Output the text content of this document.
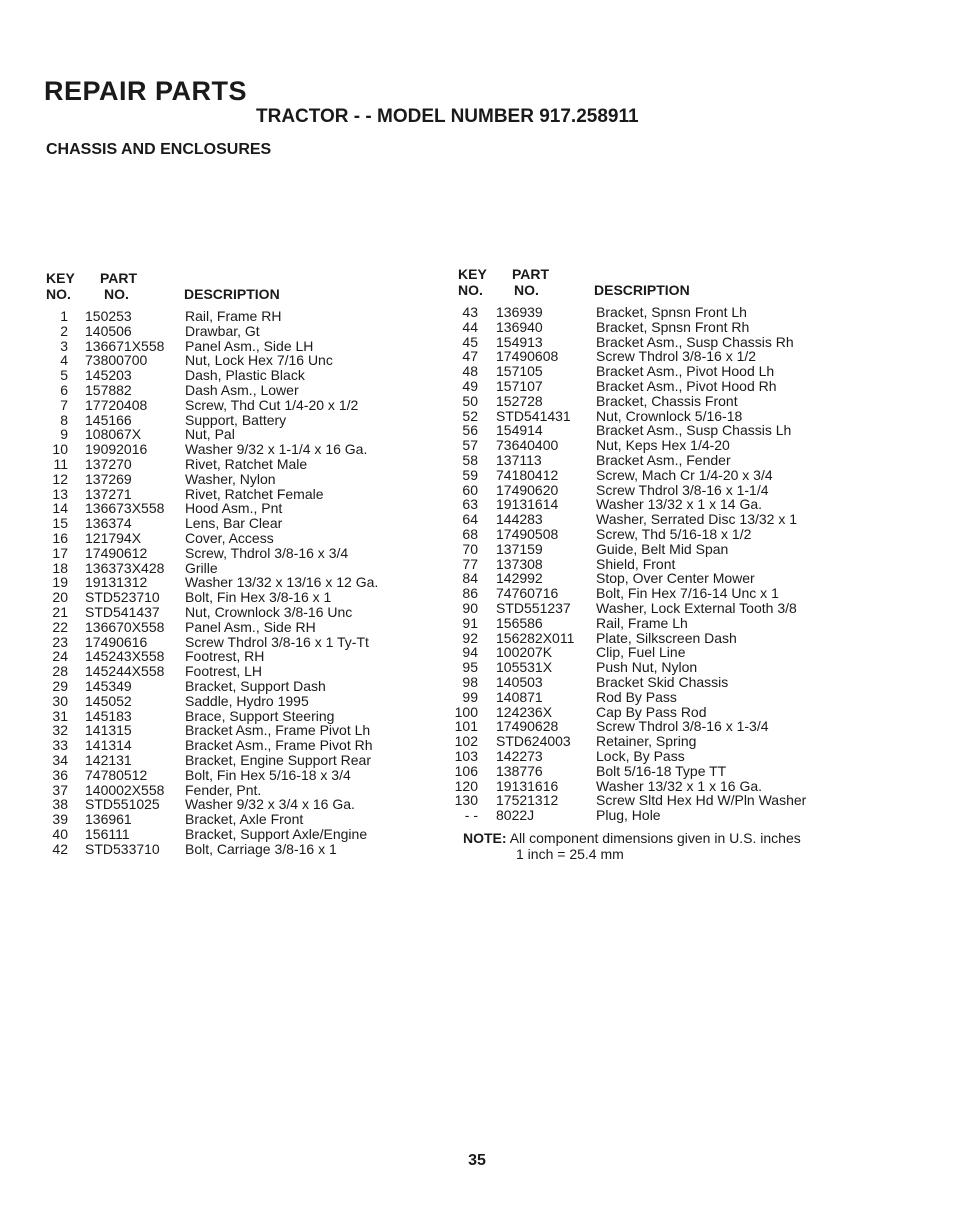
REPAIR PARTS
TRACTOR - - MODEL NUMBER 917.258911
CHASSIS AND ENCLOSURES
KEY
NO.
PART
NO.	DESCRIPTION
KEY
NO.
PART
NO.	DESCRIPTION
1 150253	Rail, Frame RH
2 140506	Drawbar, Gt
3 136671X558 Panel Asm., Side LH
4 73800700	Nut, Lock Hex 7/16 Unc
5 145203	Dash, Plastic Black
6 157882	Dash Asm., Lower
7 17720408	Screw, Thd Cut 1/4-20 x 1/2
8 145166	Support, Battery
9 108067X	Nut, Pal
10 19092016	Washer 9/32 x 1-1/4 x 16 Ga.
11 137270	Rivet, Ratchet Male
12 137269	Washer, Nylon
13 137271	Rivet, Ratchet Female
14 136673X558 Hood Asm., Pnt
15 136374	Lens, Bar Clear
16 121794X	Cover, Access
17 17490612	Screw, Thdrol 3/8-16 x 3/4
18 136373X428 Grille
19 19131312	Washer 13/32 x 13/16 x 12 Ga.
20 STD523710 Bolt, Fin Hex 3/8-16 x 1
21 STD541437 Nut, Crownlock 3/8-16 Unc
22 136670X558 Panel Asm., Side RH
23 17490616	Screw Thdrol 3/8-16 x 1 Ty-Tt
24 145243X558 Footrest, RH
28 145244X558 Footrest, LH
29 145349	Bracket, Support Dash
30 145052	Saddle, Hydro 1995
31 145183	Brace, Support Steering
32 141315	Bracket Asm., Frame Pivot Lh
33 141314	Bracket Asm., Frame Pivot Rh
34 142131	Bracket, Engine Support Rear
36 74780512	Bolt, Fin Hex 5/16-18 x 3/4
37 140002X558 Fender, Pnt.
38 STD551025 Washer 9/32 x 3/4 x 16 Ga.
39 136961	Bracket, Axle Front
40 156111	Bracket, Support Axle/Engine
42 STD533710 Bolt, Carriage 3/8-16 x 1
43 136939	Bracket, Spnsn Front Lh
44 136940	Bracket, Spnsn Front Rh
45 154913	Bracket Asm., Susp Chassis Rh
47 17490608	Screw Thdrol 3/8-16 x 1/2
48 157105	Bracket Asm., Pivot Hood Lh
49 157107	Bracket Asm., Pivot Hood Rh
50 152728	Bracket, Chassis Front
52 STD541431 Nut, Crownlock 5/16-18
56 154914	Bracket Asm., Susp Chassis Lh
57 73640400	Nut, Keps Hex 1/4-20
58 137113	Bracket Asm., Fender
59 74180412	Screw, Mach Cr 1/4-20 x 3/4
60 17490620	Screw Thdrol 3/8-16 x 1-1/4
63 19131614	Washer 13/32 x 1 x 14 Ga.
64 144283	Washer, Serrated Disc 13/32 x 1
68 17490508	Screw, Thd 5/16-18 x 1/2
70 137159	Guide, Belt Mid Span
77 137308	Shield, Front
84 142992	Stop, Over Center Mower
86 74760716	Bolt, Fin Hex 7/16-14 Unc x 1
90 STD551237 Washer, Lock External Tooth 3/8
91 156586	Rail, Frame Lh
92 156282X011 Plate, Silkscreen Dash
94 100207K	Clip, Fuel Line
95 105531X	Push Nut, Nylon
98 140503	Bracket Skid Chassis
99 140871	Rod By Pass
100 124236X	Cap By Pass Rod
101 17490628	Screw Thdrol 3/8-16 x 1-3/4
102 STD624003 Retainer, Spring
103 142273	Lock, By Pass
106 138776	Bolt 5/16-18 Type TT
120 19131616	Washer 13/32 x 1 x 16 Ga.
130 17521312	Screw Sltd Hex Hd W/Pln Washer
- - 8022J	Plug, Hole
NOTE: All component dimensions given in U.S. inches
1 inch = 25.4 mm
35
